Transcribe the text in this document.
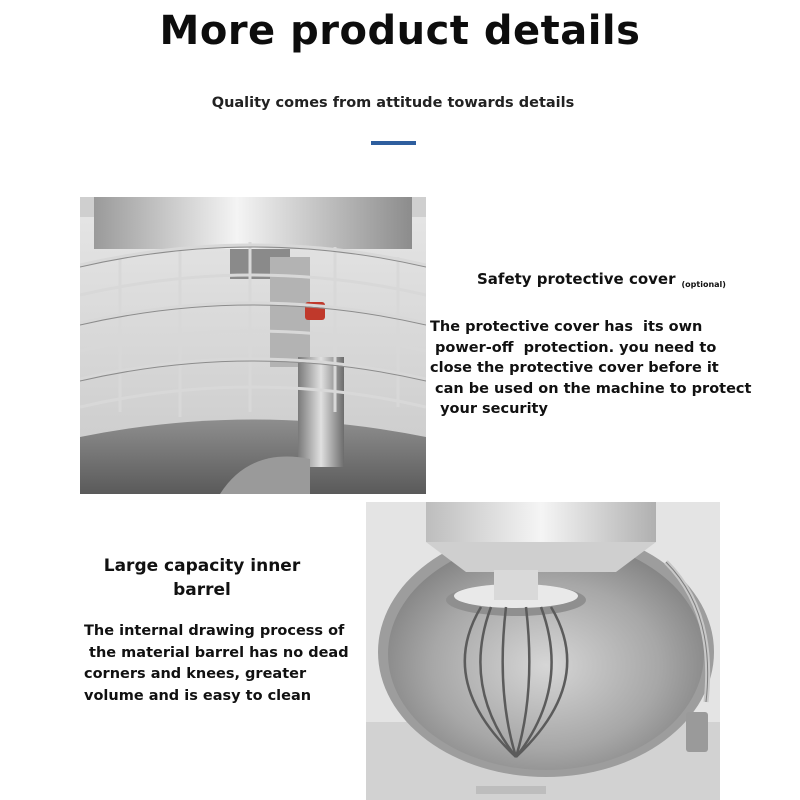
More product details
Quality comes from attitude towards details
Safety protective cover $_{(optional)}$
The protective cover has  its own
power-off  protection. you need to
close the protective cover before it
can be used on the machine to protect
your security
Large capacity inner barrel
The internal drawing process of
the material barrel has no dead
corners and knees, greater
volume and is easy to clean
